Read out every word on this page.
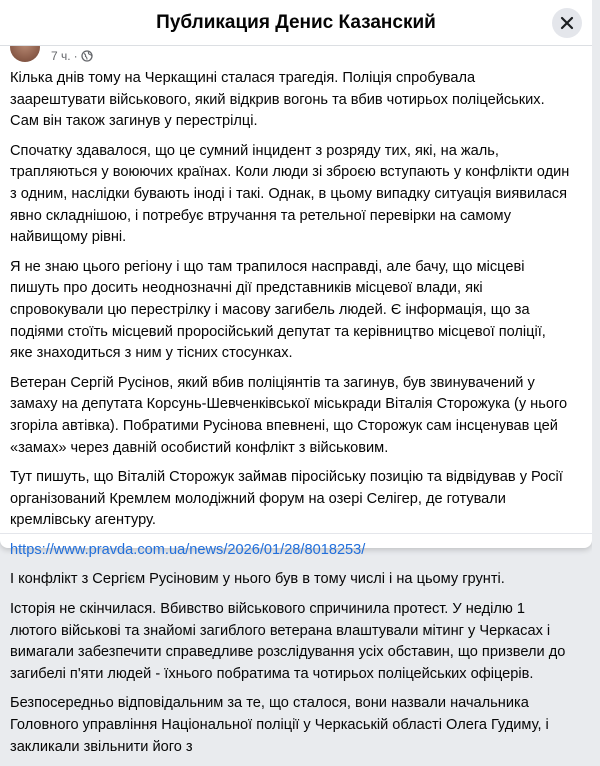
Публикация Денис Казанский
7 ч. ·

Кілька днів тому на Черкащині сталася трагедія. Поліція спробувала заарештувати військового, який відкрив вогонь та вбив чотирьох поліцейських. Сам він також загинув у перестрілці.

Спочатку здавалося, що це сумний інцидент з розряду тих, які, на жаль, трапляються у воюючих країнах. Коли люди зі зброєю вступають у конфлікти один з одним, наслідки бувають іноді і такі. Однак, в цьому випадку ситуація виявилася явно складнішою, і потребує втручання та ретельної перевірки на самому найвищому рівні.

Я не знаю цього регіону і що там трапилося насправді, але бачу, що місцеві пишуть про досить неоднозначні дії представників місцевої влади, які спровокували цю перестрілку і масову загибель людей. Є інформація, що за подіями стоїть місцевий проросійський депутат та керівництво місцевої поліції, яке знаходиться з ним у тісних стосунках.

Ветеран Сергій Русінов, який вбив поліціянтів та загинув, був звинувачений у замаху на депутата Корсунь-Шевченківської міськради Віталія Сторожука (у нього згоріла автівка). Побратими Русінова впевнені, що Сторожук сам інсценував цей «замах» через давній особистий конфлікт з військовим.

Тут пишуть, що Віталій Сторожук займав піросійську позицію та відвідував у Росії організований Кремлем молодіжний форум на озері Селігер, де готували кремлівську агентуру.

https://www.pravda.com.ua/news/2026/01/28/8018253/

І конфлікт з Сергієм Русіновим у нього був в тому числі і на цьому грунті.

Історія не скінчилася. Вбивство військового спричинила протест. У неділю 1 лютого військові та знайомі загиблого ветерана влаштували мітинг у Черкасах і вимагали забезпечити справедливе розслідування усіх обставин, що призвели до загибелі п'яти людей - їхнього побратима та чотирьох поліцейських офіцерів.

Безпосередньо відповідальним за те, що сталося, вони назвали начальника Головного управління Національної поліції у Черкаській області Олега Гудиму, і закликали звільнити його з
